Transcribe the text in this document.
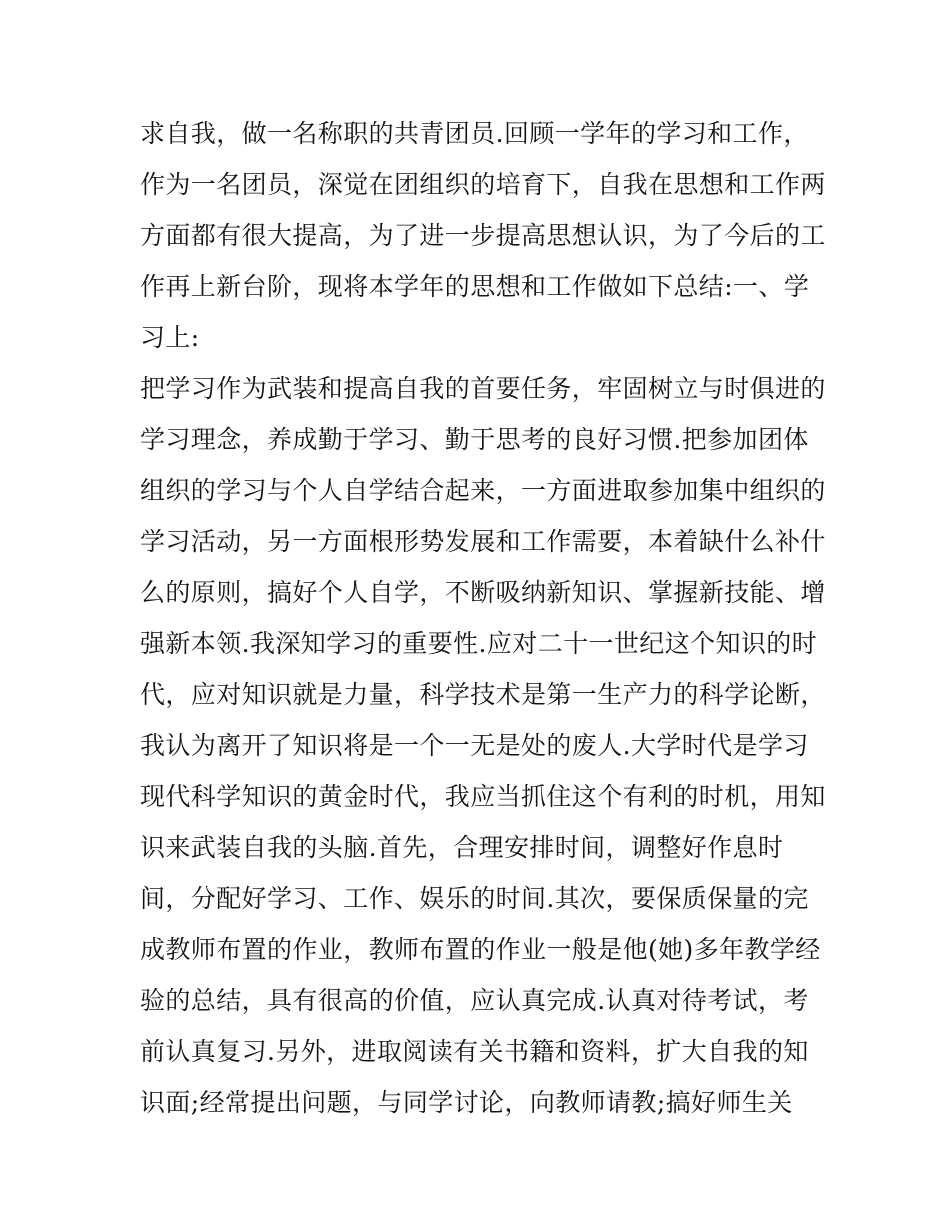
求自我，做一名称职的共青团员.回顾一学年的学习和工作，
作为一名团员，深觉在团组织的培育下，自我在思想和工作两
方面都有很大提高，为了进一步提高思想认识，为了今后的工
作再上新台阶，现将本学年的思想和工作做如下总结:一、学
习上:
把学习作为武装和提高自我的首要任务，牢固树立与时俱进的
学习理念，养成勤于学习、勤于思考的良好习惯.把参加团体
组织的学习与个人自学结合起来，一方面进取参加集中组织的
学习活动，另一方面根形势发展和工作需要，本着缺什么补什
么的原则，搞好个人自学，不断吸纳新知识、掌握新技能、增
强新本领.我深知学习的重要性.应对二十一世纪这个知识的时
代，应对知识就是力量，科学技术是第一生产力的科学论断，
我认为离开了知识将是一个一无是处的废人.大学时代是学习
现代科学知识的黄金时代，我应当抓住这个有利的时机，用知
识来武装自我的头脑.首先，合理安排时间，调整好作息时
间，分配好学习、工作、娱乐的时间.其次，要保质保量的完
成教师布置的作业，教师布置的作业一般是他(她)多年教学经
验的总结，具有很高的价值，应认真完成.认真对待考试，考
前认真复习.另外，进取阅读有关书籍和资料，扩大自我的知
识面;经常提出问题，与同学讨论，向教师请教;搞好师生关
